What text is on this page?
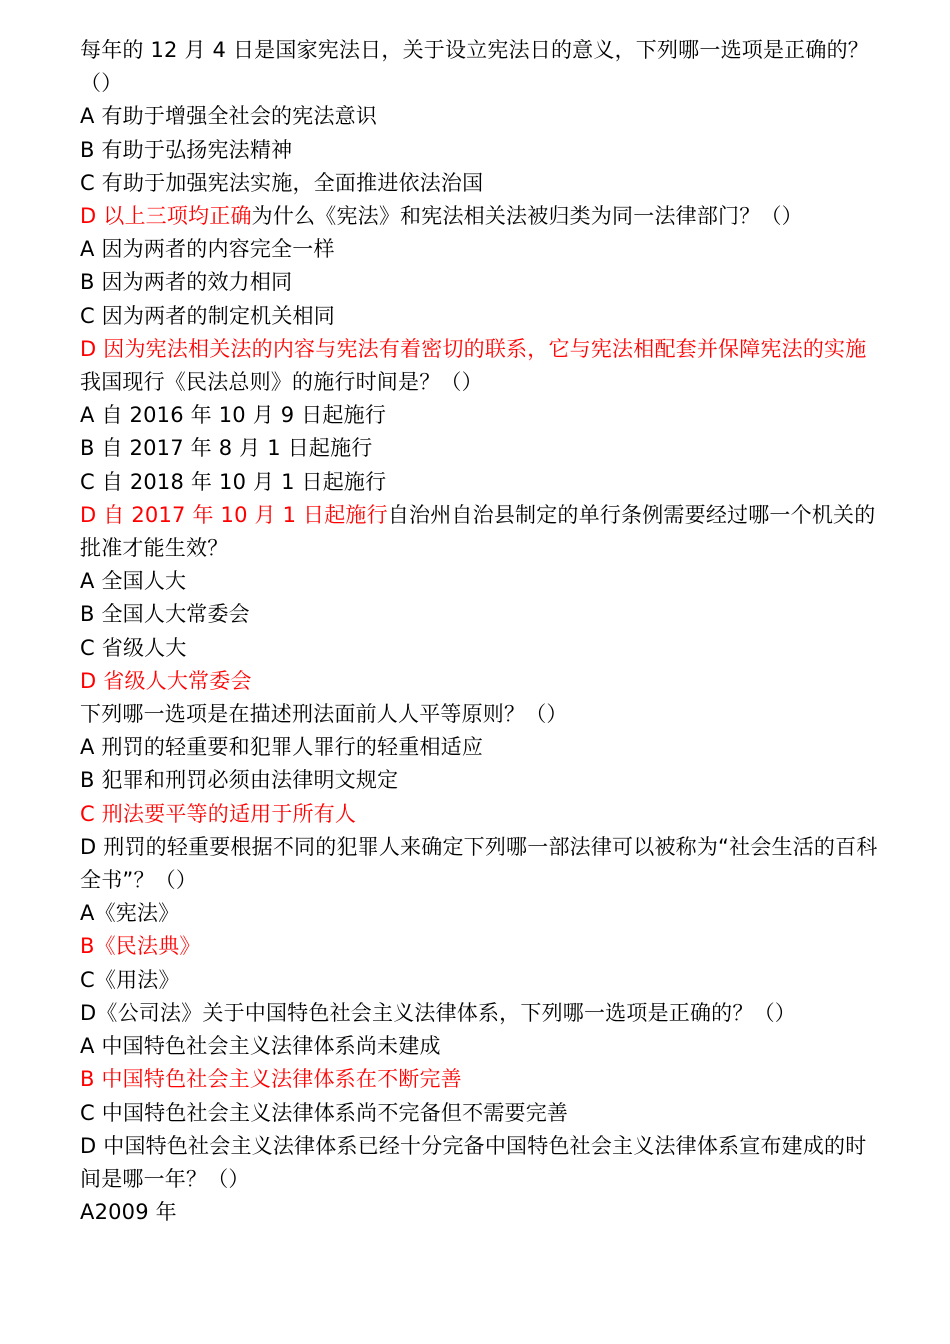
每年的 12 月 4 日是国家宪法日，关于设立宪法日的意义，下列哪一选项是正确的？（）
A 有助于增强全社会的宪法意识
B 有助于弘扬宪法精神
C 有助于加强宪法实施，全面推进依法治国
D 以上三项均正确为什么《宪法》和宪法相关法被归类为同一法律部门？（）
A 因为两者的内容完全一样
B 因为两者的效力相同
C 因为两者的制定机关相同
D 因为宪法相关法的内容与宪法有着密切的联系，它与宪法相配套并保障宪法的实施我国现行《民法总则》的施行时间是？（）
A 自 2016 年 10 月 9 日起施行
B 自 2017 年 8 月 1 日起施行
C 自 2018 年 10 月 1 日起施行
D 自 2017 年 10 月 1 日起施行自治州自治县制定的单行条例需要经过哪一个机关的批准才能生效？
A 全国人大
B 全国人大常委会
C 省级人大
D 省级人大常委会
下列哪一选项是在描述刑法面前人人平等原则？（）
A 刑罚的轻重要和犯罪人罪行的轻重相适应
B 犯罪和刑罚必须由法律明文规定
C 刑法要平等的适用于所有人
D 刑罚的轻重要根据不同的犯罪人来确定下列哪一部法律可以被称为“社会生活的百科全书”？（）
A《宪法》
B《民法典》
C《用法》
D《公司法》关于中国特色社会主义法律体系，下列哪一选项是正确的？（）
A 中国特色社会主义法律体系尚未建成
B 中国特色社会主义法律体系在不断完善
C 中国特色社会主义法律体系尚不完备但不需要完善
D 中国特色社会主义法律体系已经十分完备中国特色社会主义法律体系宣布建成的时间是哪一年？（）
A2009 年
